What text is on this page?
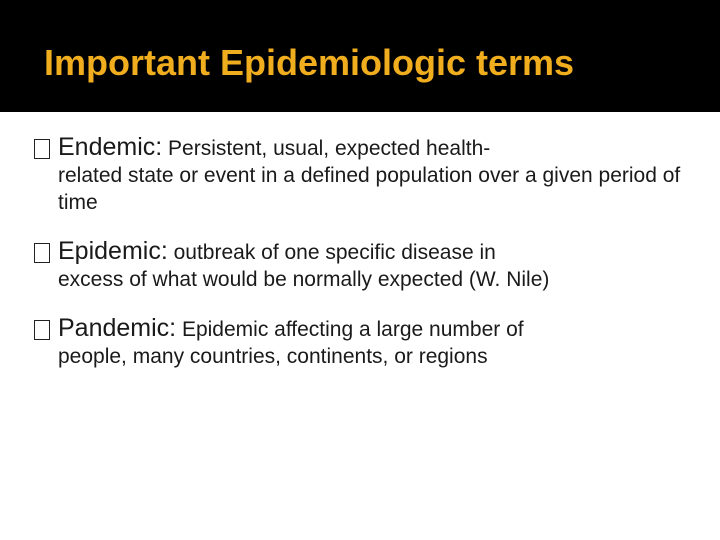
Important Epidemiologic terms

Endemic: Persistent, usual, expected health-
related state or event in a defined population over a given period of time

Epidemic: outbreak of one specific disease in
excess of what would be normally expected (W. Nile)

Pandemic: Epidemic affecting a large number of
people, many countries, continents, or regions
